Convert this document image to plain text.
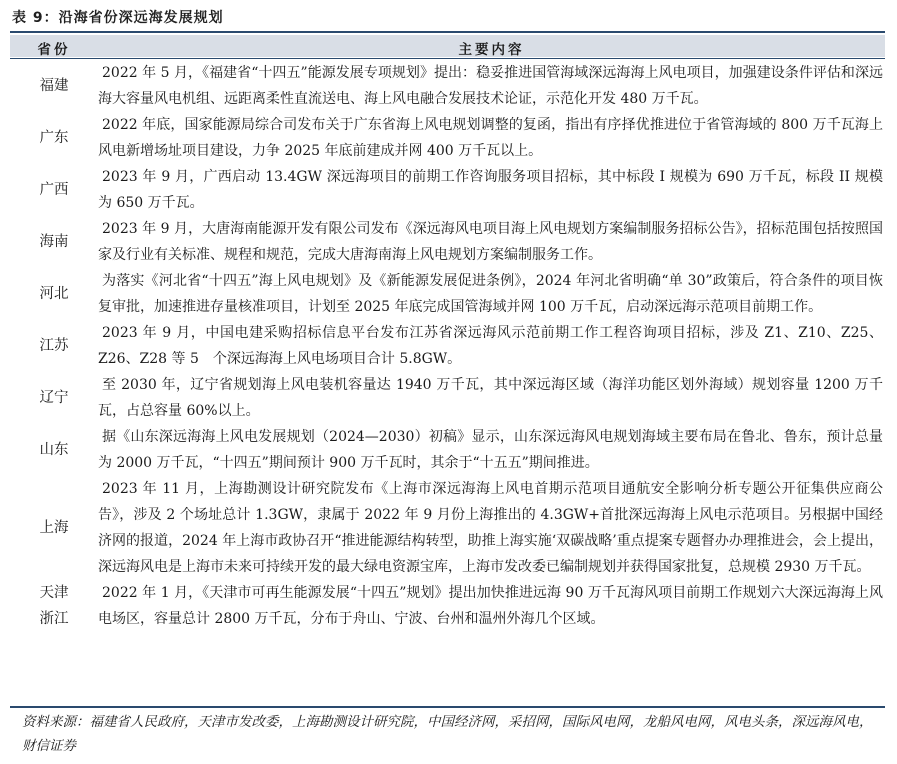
表 9：沿海省份深远海发展规划
省份	主要内容
福建
2022 年 5 月，《福建省“十四五”能源发展专项规划》提出：稳妥推进国管海域深远海海上风电项目，加强建设条件评估和深远海大容量风电机组、远距离柔性直流送电、海上风电融合发展技术论证，示范化开发 480 万千瓦。
广东
2022 年底，国家能源局综合司发布关于广东省海上风电规划调整的复函，指出有序择优推进位于省管海域的 800 万千瓦海上风电新增场址项目建设，力争 2025 年底前建成并网 400 万千瓦以上。
广西
2023 年 9 月，广西启动 13.4GW 深远海项目的前期工作咨询服务项目招标，其中标段 I 规模为 690 万千瓦，标段 II 规模为 650 万千瓦。
海南
2023 年 9 月，大唐海南能源开发有限公司发布《深远海风电项目海上风电规划方案编制服务招标公告》，招标范围包括按照国家及行业有关标准、规程和规范，完成大唐海南海上风电规划方案编制服务工作。
河北
为落实《河北省“十四五”海上风电规划》及《新能源发展促进条例》，2024 年河北省明确“单 30”政策后，符合条件的项目恢复审批，加速推进存量核准项目，计划至 2025 年底完成国管海域并网 100 万千瓦，启动深远海示范项目前期工作。
江苏
2023 年 9 月，中国电建采购招标信息平台发布江苏省深远海风示范前期工作工程咨询项目招标，涉及 Z1、Z10、Z25、Z26、Z28 等 5　个深远海海上风电场项目合计 5.8GW。
辽宁
至 2030 年，辽宁省规划海上风电装机容量达 1940 万千瓦，其中深远海区域（海洋功能区划外海域）规划容量 1200 万千瓦，占总容量 60%以上。
山东
据《山东深远海海上风电发展规划（2024—2030）初稿》显示，山东深远海风电规划海域主要布局在鲁北、鲁东，预计总量为 2000 万千瓦，“十四五”期间预计 900 万千瓦时，其余于“十五五”期间推进。
上海
2023 年 11 月，上海勘测设计研究院发布《上海市深远海海上风电首期示范项目通航安全影响分析专题公开征集供应商公告》，涉及 2 个场址总计 1.3GW，隶属于 2022 年 9 月份上海推出的 4.3GW+首批深远海海上风电示范项目。另根据中国经济网的报道，2024 年上海市政协召开“推进能源结构转型，助推上海实施‘双碳战略’重点提案专题督办办理推进会，会上提出，深远海风电是上海市未来可持续开发的最大绿电资源宝库，上海市发改委已编制规划并获得国家批复，总规模 2930 万千瓦。
天津
浙江
2022 年 1 月，《天津市可再生能源发展“十四五”规划》提出加快推进远海 90 万千瓦海风项目前期工作规划六大深远海海上风电场区，容量总计 2800 万千瓦，分布于舟山、宁波、台州和温州外海几个区域。
资料来源：福建省人民政府，天津市发改委，上海勘测设计研究院，中国经济网，采招网，国际风电网，龙船风电网，风电头条，深远海风电，财信证券
